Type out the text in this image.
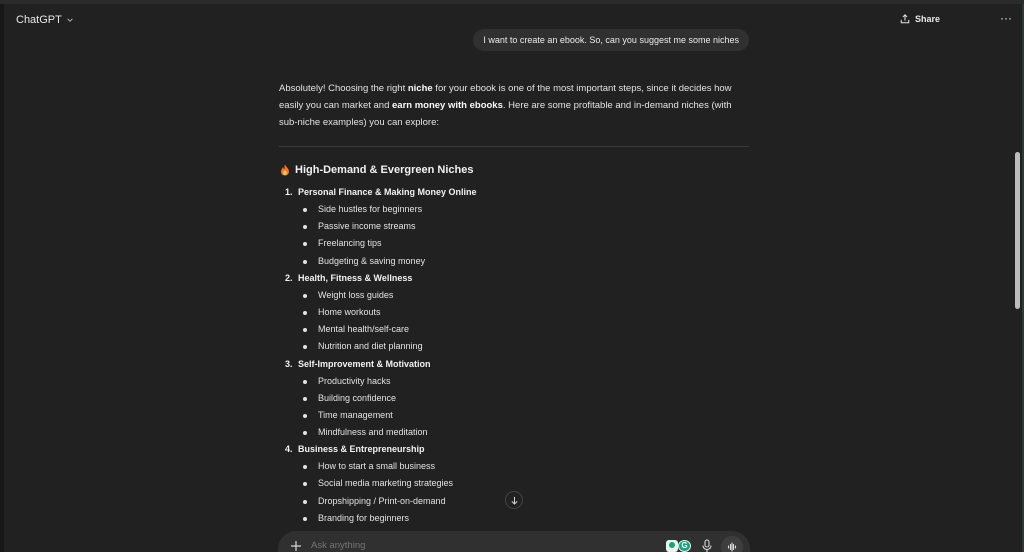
ChatGPT	Share	···
I want to create an ebook. So, can you suggest me some niches
Absolutely! Choosing the right niche for your ebook is one of the most important steps, since it decides how easily you can market and earn money with ebooks. Here are some profitable and in-demand niches (with sub-niche examples) you can explore:
High-Demand & Evergreen Niches
1. Personal Finance & Making Money Online
Side hustles for beginners
Passive income streams
Freelancing tips
Budgeting & saving money
2. Health, Fitness & Wellness
Weight loss guides
Home workouts
Mental health/self-care
Nutrition and diet planning
3. Self-Improvement & Motivation
Productivity hacks
Building confidence
Time management
Mindfulness and meditation
4. Business & Entrepreneurship
How to start a small business
Social media marketing strategies
Dropshipping / Print-on-demand
Branding for beginners
Ask anything
G
